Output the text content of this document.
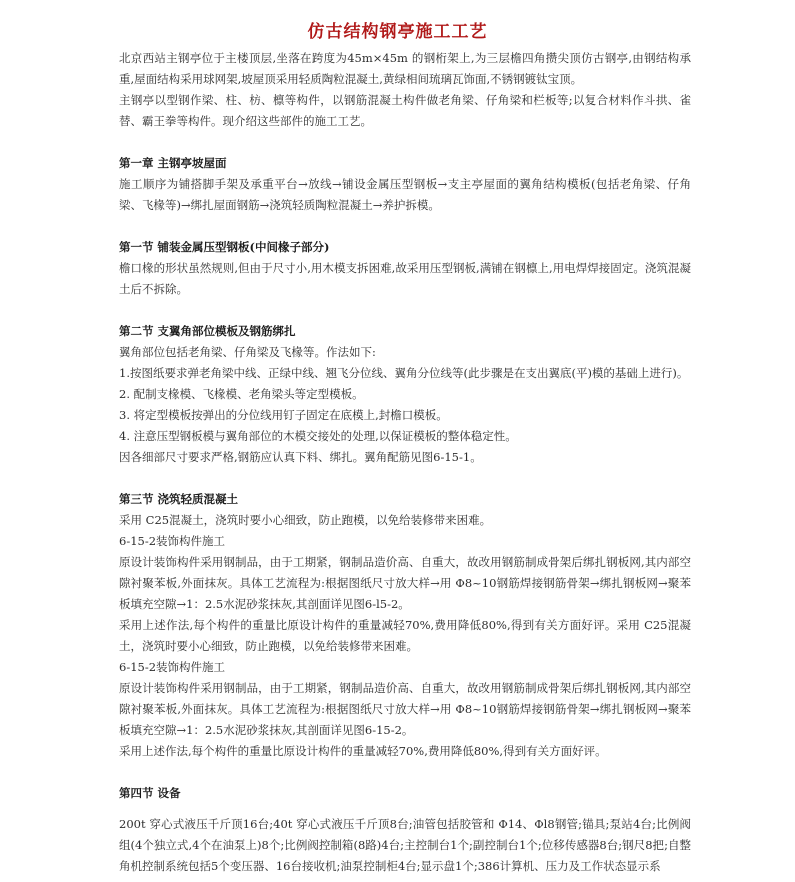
仿古结构钢亭施工工艺

北京西站主钢亭位于主楼顶层,坐落在跨度为45m×45m 的钢桁架上,为三层檐四角攒尖顶仿古钢亭,由钢结构承重,屋面结构采用球网架,坡屋顶采用轻质陶粒混凝土,黄绿相间琉璃瓦饰面,不锈钢镀钛宝顶。

主钢亭以型钢作梁、柱、枋、檩等构件，以钢筋混凝土构件做老角梁、仔角梁和栏板等;以复合材料作斗拱、雀替、霸王拳等构件。现介绍这些部件的施工工艺。

第一章 主钢亭坡屋面

施工顺序为铺搭脚手架及承重平台→放线→铺设金属压型钢板→支主亭屋面的翼角结构模板(包括老角梁、仔角梁、飞椽等)→绑扎屋面钢筋→浇筑轻质陶粒混凝土→养护拆模。

第一节 铺装金属压型钢板(中间椽子部分)

檐口椽的形状虽然规则,但由于尺寸小,用木模支拆困难,故采用压型钢板,满铺在钢檩上,用电焊焊接固定。浇筑混凝土后不拆除。

第二节 支翼角部位模板及钢筋绑扎

翼角部位包括老角梁、仔角梁及飞椽等。作法如下:

1.按图纸要求弹老角梁中线、正绿中线、翘飞分位线、翼角分位线等(此步骤是在支出翼底(平)模的基础上进行)。

2. 配制支椽模、飞椽模、老角梁头等定型模板。

3. 将定型模板按弹出的分位线用钉子固定在底模上,封檐口模板。

4. 注意压型钢板模与翼角部位的木模交接处的处理,以保证模板的整体稳定性。

因各细部尺寸要求严格,钢筋应认真下料、绑扎。翼角配筋见图6-15-1。

第三节 浇筑轻质混凝土

采用 C25混凝土，浇筑时要小心细致，防止跑模，以免给装修带来困难。

6-15-2装饰构件施工

原设计装饰构件采用钢制品，由于工期紧，钢制品造价高、自重大，故改用钢筋制成骨架后绑扎钢板网,其内部空隙衬聚苯板,外面抹灰。具体工艺流程为:根据图纸尺寸放大样→用 Φ8~10钢筋焊接钢筋骨架→绑扎钢板网→聚苯板填充空隙→1：2.5水泥砂浆抹灰,其剖面详见图6-l5-2。

采用上述作法,每个构件的重量比原设计构件的重量减轻70%,费用降低80%,得到有关方面好评。采用 C25混凝土，浇筑时要小心细致，防止跑模，以免给装修带来困难。

6-15-2装饰构件施工

原设计装饰构件采用钢制品，由于工期紧，钢制品造价高、自重大，故改用钢筋制成骨架后绑扎钢板网,其内部空隙衬聚苯板,外面抹灰。具体工艺流程为:根据图纸尺寸放大样→用 Φ8~10钢筋焊接钢筋骨架→绑扎钢板网→聚苯板填充空隙→1：2.5水泥砂浆抹灰,其剖面详见图6-15-2。

采用上述作法,每个构件的重量比原设计构件的重量减轻70%,费用降低80%,得到有关方面好评。

第四节 设备

200t 穿心式液压千斤顶16台;40t 穿心式液压千斤顶8台;油管包括胶管和 Φ14、Φl8钢管;锚具;泵站4台;比例阀组(4个独立式,4个在油泵上)8个;比例阀控制箱(8路)4台;主控制台1个;副控制台1个;位移传感器8台;钢尺8把;自整角机控制系统包括5个变压器、16台接收机;油泵控制柜4台;显示盘1个;386计算机、压力及工作状态显示系
